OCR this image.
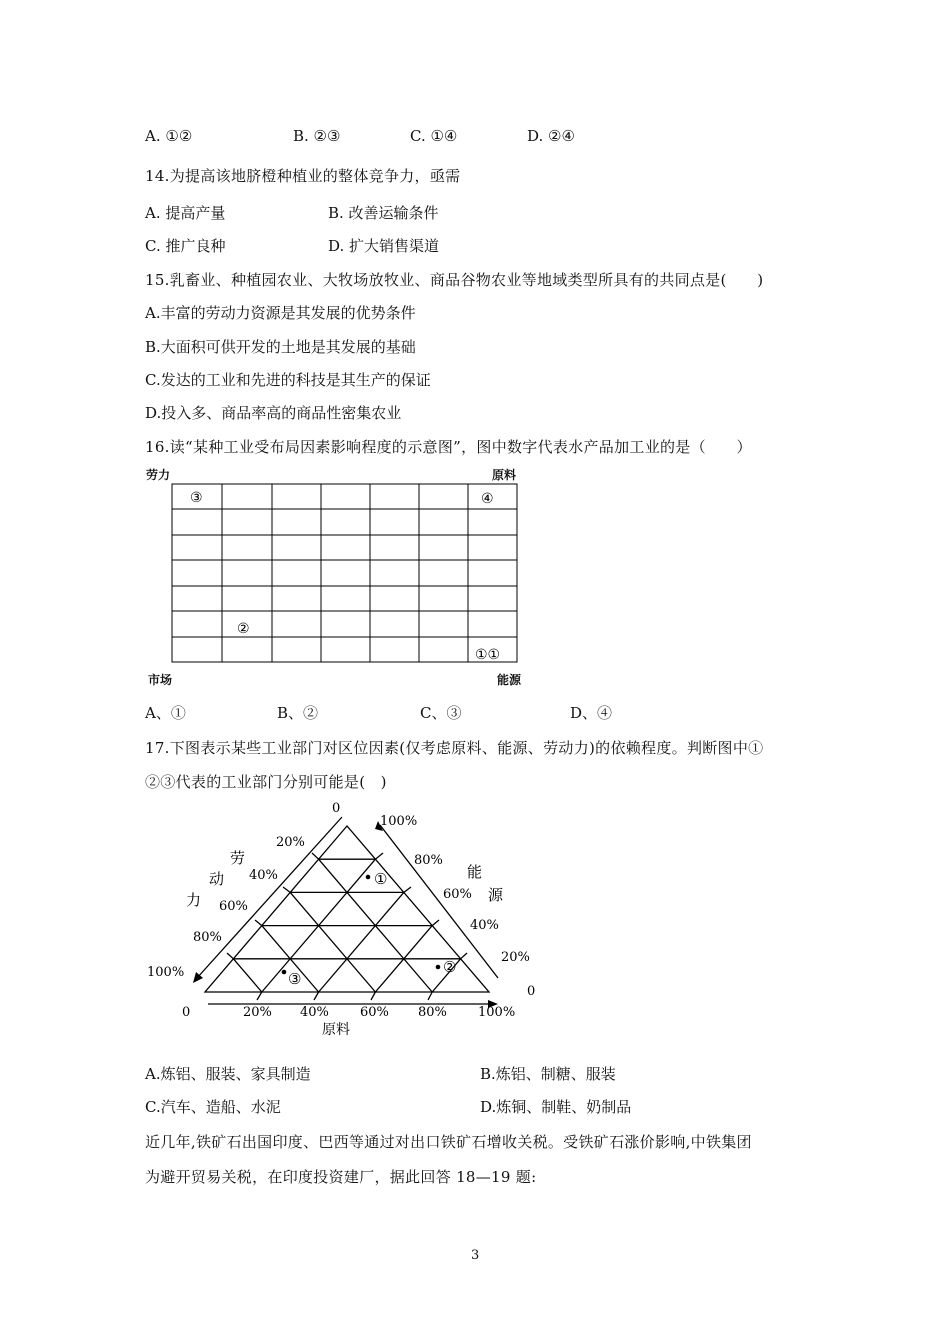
A. ①②	B. ②③	C. ①④	D. ②④
14.为提高该地脐橙种植业的整体竞争力，亟需
A. 提高产量	B. 改善运输条件
C. 推广良种	D. 扩大销售渠道
15.乳畜业、种植园农业、大牧场放牧业、商品谷物农业等地域类型所具有的共同点是(　　)
A.丰富的劳动力资源是其发展的优势条件
B.大面积可供开发的土地是其发展的基础
C.发达的工业和先进的科技是其生产的保证
D.投入多、商品率高的商品性密集农业
16.读“某种工业受布局因素影响程度的示意图”，图中数字代表水产品加工业的是（　　）
劳力	原料
市场	能源
③	④
②
①①
A、①	B、②	C、③	D、④
17.下图表示某些工业部门对区位因素(仅考虑原料、能源、劳动力)的依赖程度。判断图中①
②③代表的工业部门分别可能是(　)
0
20%
40%
60%
80%
100%
劳
动
力
100%
80%
60%
40%
20%
0
能
源
0	20% 40% 60% 80% 100%
原料
①
②
③
A.炼铝、服装、家具制造	B.炼铝、制糖、服装
C.汽车、造船、水泥	D.炼铜、制鞋、奶制品
近几年,铁矿石出国印度、巴西等通过对出口铁矿石增收关税。受铁矿石涨价影响,中铁集团
为避开贸易关税，在印度投资建厂，据此回答 18—19 题:
3
